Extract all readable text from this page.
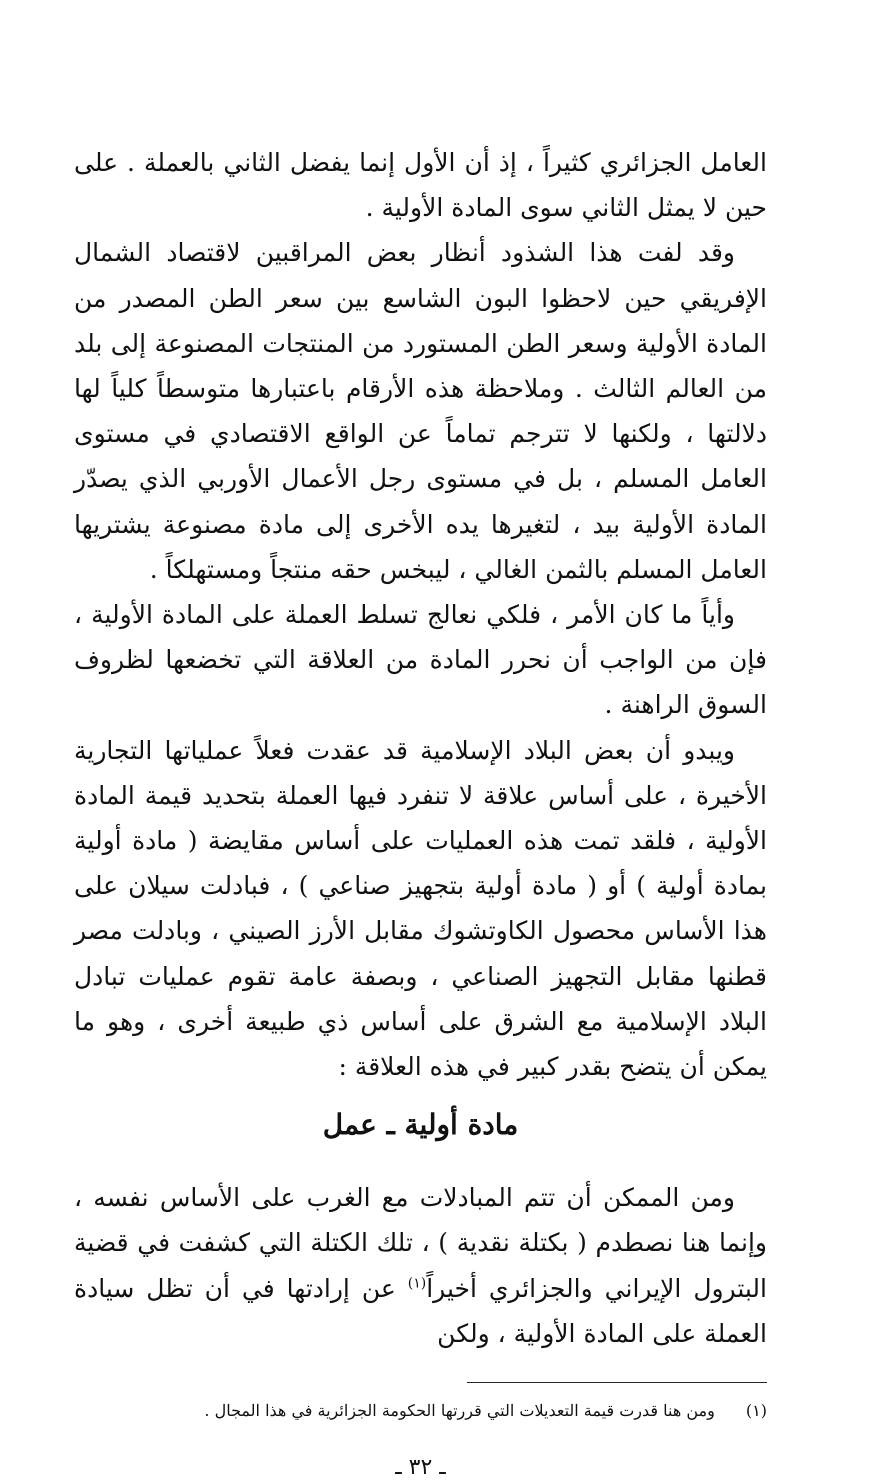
العامل الجزائري كثيراً ، إذ أن الأول إنما يفضل الثاني بالعملة . على حين لا يمثل الثاني سوى المادة الأولية .

وقد لفت هذا الشذود أنظار بعض المراقبين لاقتصاد الشمال الإفريقي حين لاحظوا البون الشاسع بين سعر الطن المصدر من المادة الأولية وسعر الطن المستورد من المنتجات المصنوعة إلى بلد من العالم الثالث . وملاحظة هذه الأرقام باعتبارها متوسطاً كلياً لها دلالتها ، ولكنها لا تترجم تماماً عن الواقع الاقتصادي في مستوى العامل المسلم ، بل في مستوى رجل الأعمال الأوربي الذي يصدّر المادة الأولية بيد ، لتغيرها يده الأخرى إلى مادة مصنوعة يشتريها العامل المسلم بالثمن الغالي ، ليبخس حقه منتجاً ومستهلكاً .

وأياً ما كان الأمر ، فلكي نعالج تسلط العملة على المادة الأولية ، فإن من الواجب أن نحرر المادة من العلاقة التي تخضعها لظروف السوق الراهنة .

ويبدو أن بعض البلاد الإسلامية قد عقدت فعلاً عملياتها التجارية الأخيرة ، على أساس علاقة لا تنفرد فيها العملة بتحديد قيمة المادة الأولية ، فلقد تمت هذه العمليات على أساس مقايضة ( مادة أولية بمادة أولية ) أو ( مادة أولية بتجهيز صناعي ) ، فبادلت سيلان على هذا الأساس محصول الكاوتشوك مقابل الأرز الصيني ، وبادلت مصر قطنها مقابل التجهيز الصناعي ، وبصفة عامة تقوم عمليات تبادل البلاد الإسلامية مع الشرق على أساس ذي طبيعة أخرى ، وهو ما يمكن أن يتضح بقدر كبير في هذه العلاقة :

مادة أولية ـ عمل

ومن الممكن أن تتم المبادلات مع الغرب على الأساس نفسه ، وإنما هنا نصطدم ( بكتلة نقدية ) ، تلك الكتلة التي كشفت في قضية البترول الإيراني والجزائري أخيراً$^{(١)}$ عن إرادتها في أن تظل سيادة العملة على المادة الأولية ، ولكن

(١) ومن هنا قدرت قيمة التعديلات التي قررتها الحكومة الجزائرية في هذا المجال .
ـ ٣٢ ـ
